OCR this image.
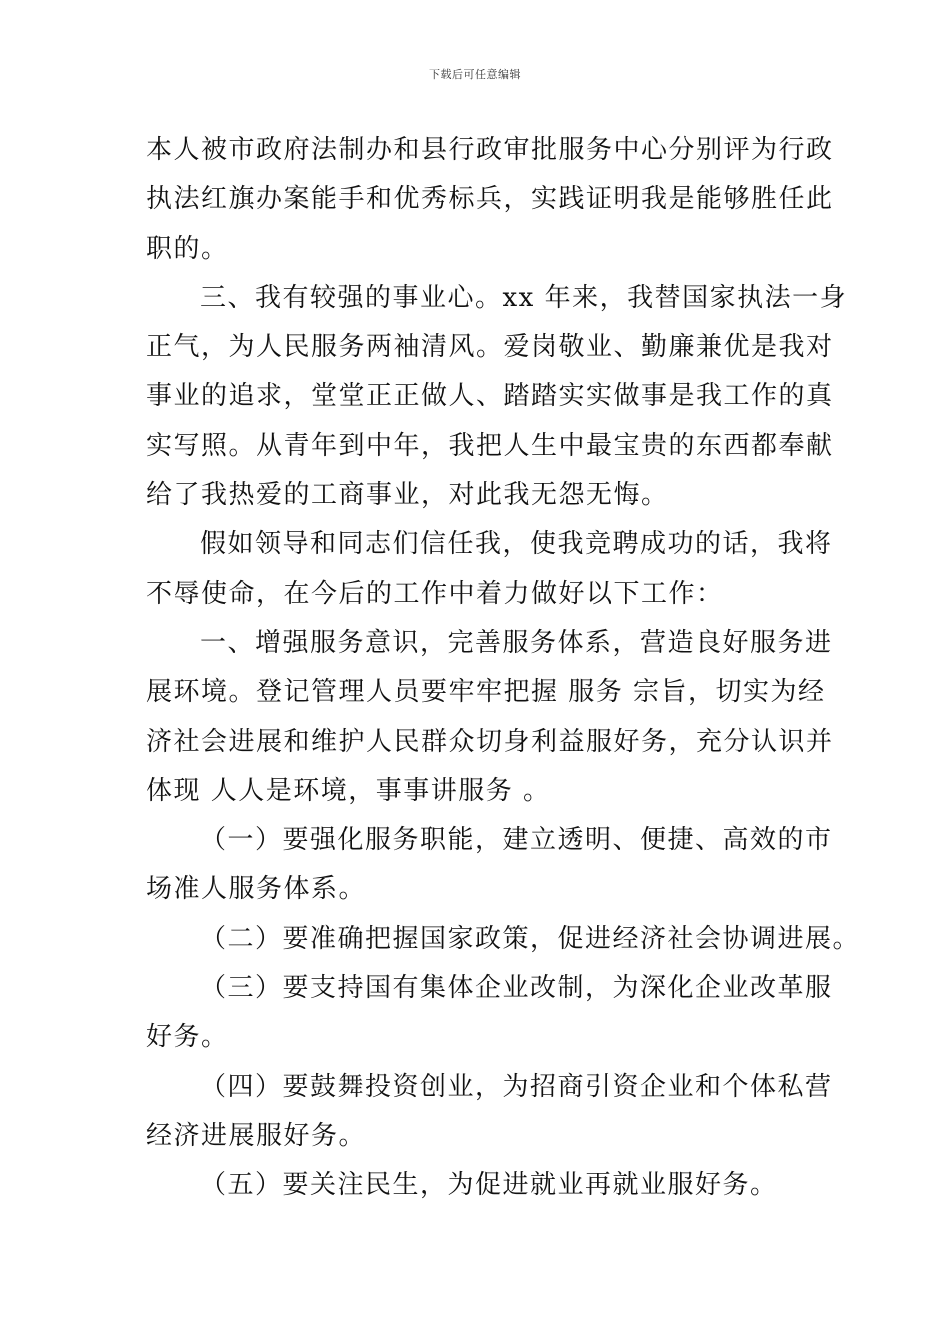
下载后可任意编辑
本人被市政府法制办和县行政审批服务中心分别评为行政
执法红旗办案能手和优秀标兵，实践证明我是能够胜任此
职的。
三、我有较强的事业心。xx 年来，我替国家执法一身
正气，为人民服务两袖清风。爱岗敬业、勤廉兼优是我对
事业的追求，堂堂正正做人、踏踏实实做事是我工作的真
实写照。从青年到中年，我把人生中最宝贵的东西都奉献
给了我热爱的工商事业，对此我无怨无悔。
假如领导和同志们信任我，使我竞聘成功的话，我将
不辱使命，在今后的工作中着力做好以下工作：
一、增强服务意识，完善服务体系，营造良好服务进
展环境。登记管理人员要牢牢把握 服务 宗旨，切实为经
济社会进展和维护人民群众切身利益服好务，充分认识并
体现 人人是环境，事事讲服务 。
（一）要强化服务职能，建立透明、便捷、高效的市
场准人服务体系。
（二）要准确把握国家政策，促进经济社会协调进展。
（三）要支持国有集体企业改制，为深化企业改革服
好务。
（四）要鼓舞投资创业，为招商引资企业和个体私营
经济进展服好务。
（五）要关注民生，为促进就业再就业服好务。
